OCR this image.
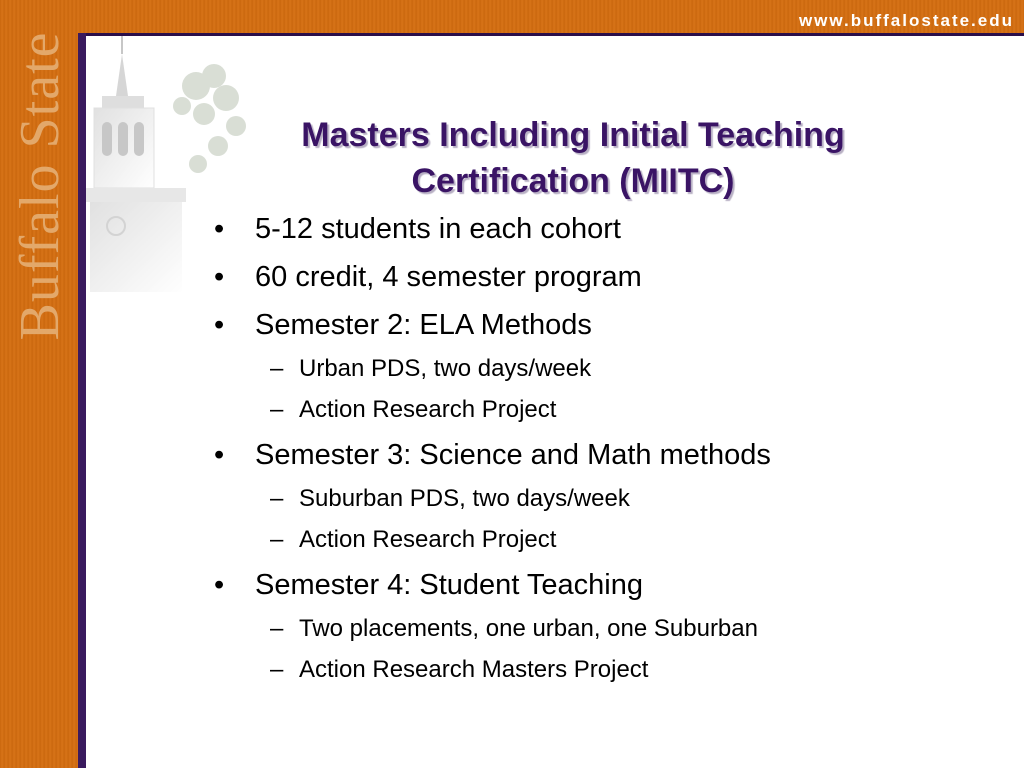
www.buffalostate.edu
Buffalo State	Masters Including Initial Teaching
Certification (MIITC)
• 5-12 students in each cohort
• 60 credit, 4 semester program
• Semester 2: ELA Methods
– Urban PDS, two days/week
– Action Research Project
• Semester 3: Science and Math methods
– Suburban PDS, two days/week
– Action Research Project
• Semester 4: Student Teaching
– Two placements, one urban, one Suburban
– Action Research Masters Project
